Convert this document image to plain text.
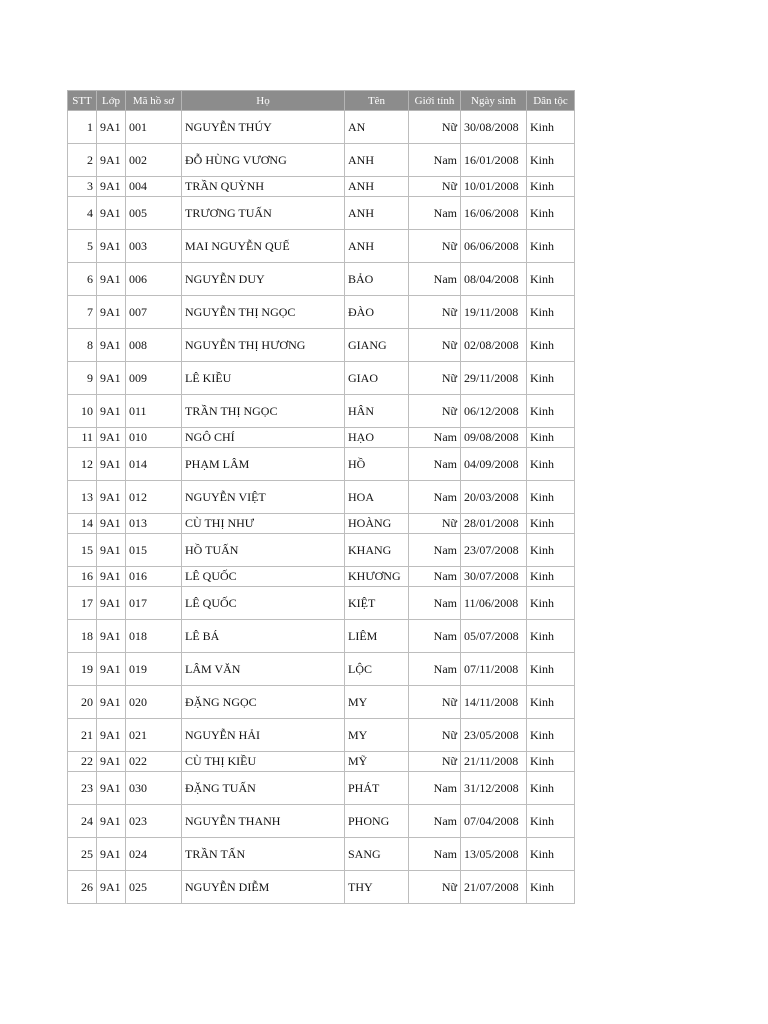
STT	Lớp	Mã hồ sơ	Họ	Tên	Giới tính	Ngày sinh	Dân tộc
1	9A1	001	NGUYỄN THÚY	AN	Nữ	30/08/2008	Kinh
2	9A1	002	ĐỖ HÙNG VƯƠNG	ANH	Nam	16/01/2008	Kinh
3	9A1	004	TRẦN QUỲNH	ANH	Nữ	10/01/2008	Kinh
4	9A1	005	TRƯƠNG TUẤN	ANH	Nam	16/06/2008	Kinh
5	9A1	003	MAI NGUYỄN QUẾ	ANH	Nữ	06/06/2008	Kinh
6	9A1	006	NGUYỄN DUY	BẢO	Nam	08/04/2008	Kinh
7	9A1	007	NGUYỄN THỊ NGỌC	ĐÀO	Nữ	19/11/2008	Kinh
8	9A1	008	NGUYỄN THỊ HƯƠNG	GIANG	Nữ	02/08/2008	Kinh
9	9A1	009	LÊ KIỀU	GIAO	Nữ	29/11/2008	Kinh
10	9A1	011	TRẦN THỊ NGỌC	HÂN	Nữ	06/12/2008	Kinh
11	9A1	010	NGÔ CHÍ	HẠO	Nam	09/08/2008	Kinh
12	9A1	014	PHẠM LÂM	HỒ	Nam	04/09/2008	Kinh
13	9A1	012	NGUYỄN VIỆT	HOA	Nam	20/03/2008	Kinh
14	9A1	013	CÙ THỊ NHƯ	HOÀNG	Nữ	28/01/2008	Kinh
15	9A1	015	HỒ TUẤN	KHANG	Nam	23/07/2008	Kinh
16	9A1	016	LÊ QUỐC	KHƯƠNG	Nam	30/07/2008	Kinh
17	9A1	017	LÊ QUỐC	KIỆT	Nam	11/06/2008	Kinh
18	9A1	018	LÊ BÁ	LIÊM	Nam	05/07/2008	Kinh
19	9A1	019	LÂM VĂN	LỘC	Nam	07/11/2008	Kinh
20	9A1	020	ĐẶNG NGỌC	MY	Nữ	14/11/2008	Kinh
21	9A1	021	NGUYỄN HẢI	MY	Nữ	23/05/2008	Kinh
22	9A1	022	CÙ THỊ KIỀU	MỸ	Nữ	21/11/2008	Kinh
23	9A1	030	ĐẶNG TUẤN	PHÁT	Nam	31/12/2008	Kinh
24	9A1	023	NGUYỄN THANH	PHONG	Nam	07/04/2008	Kinh
25	9A1	024	TRẦN TẤN	SANG	Nam	13/05/2008	Kinh
26	9A1	025	NGUYỄN DIỄM	THY	Nữ	21/07/2008	Kinh
